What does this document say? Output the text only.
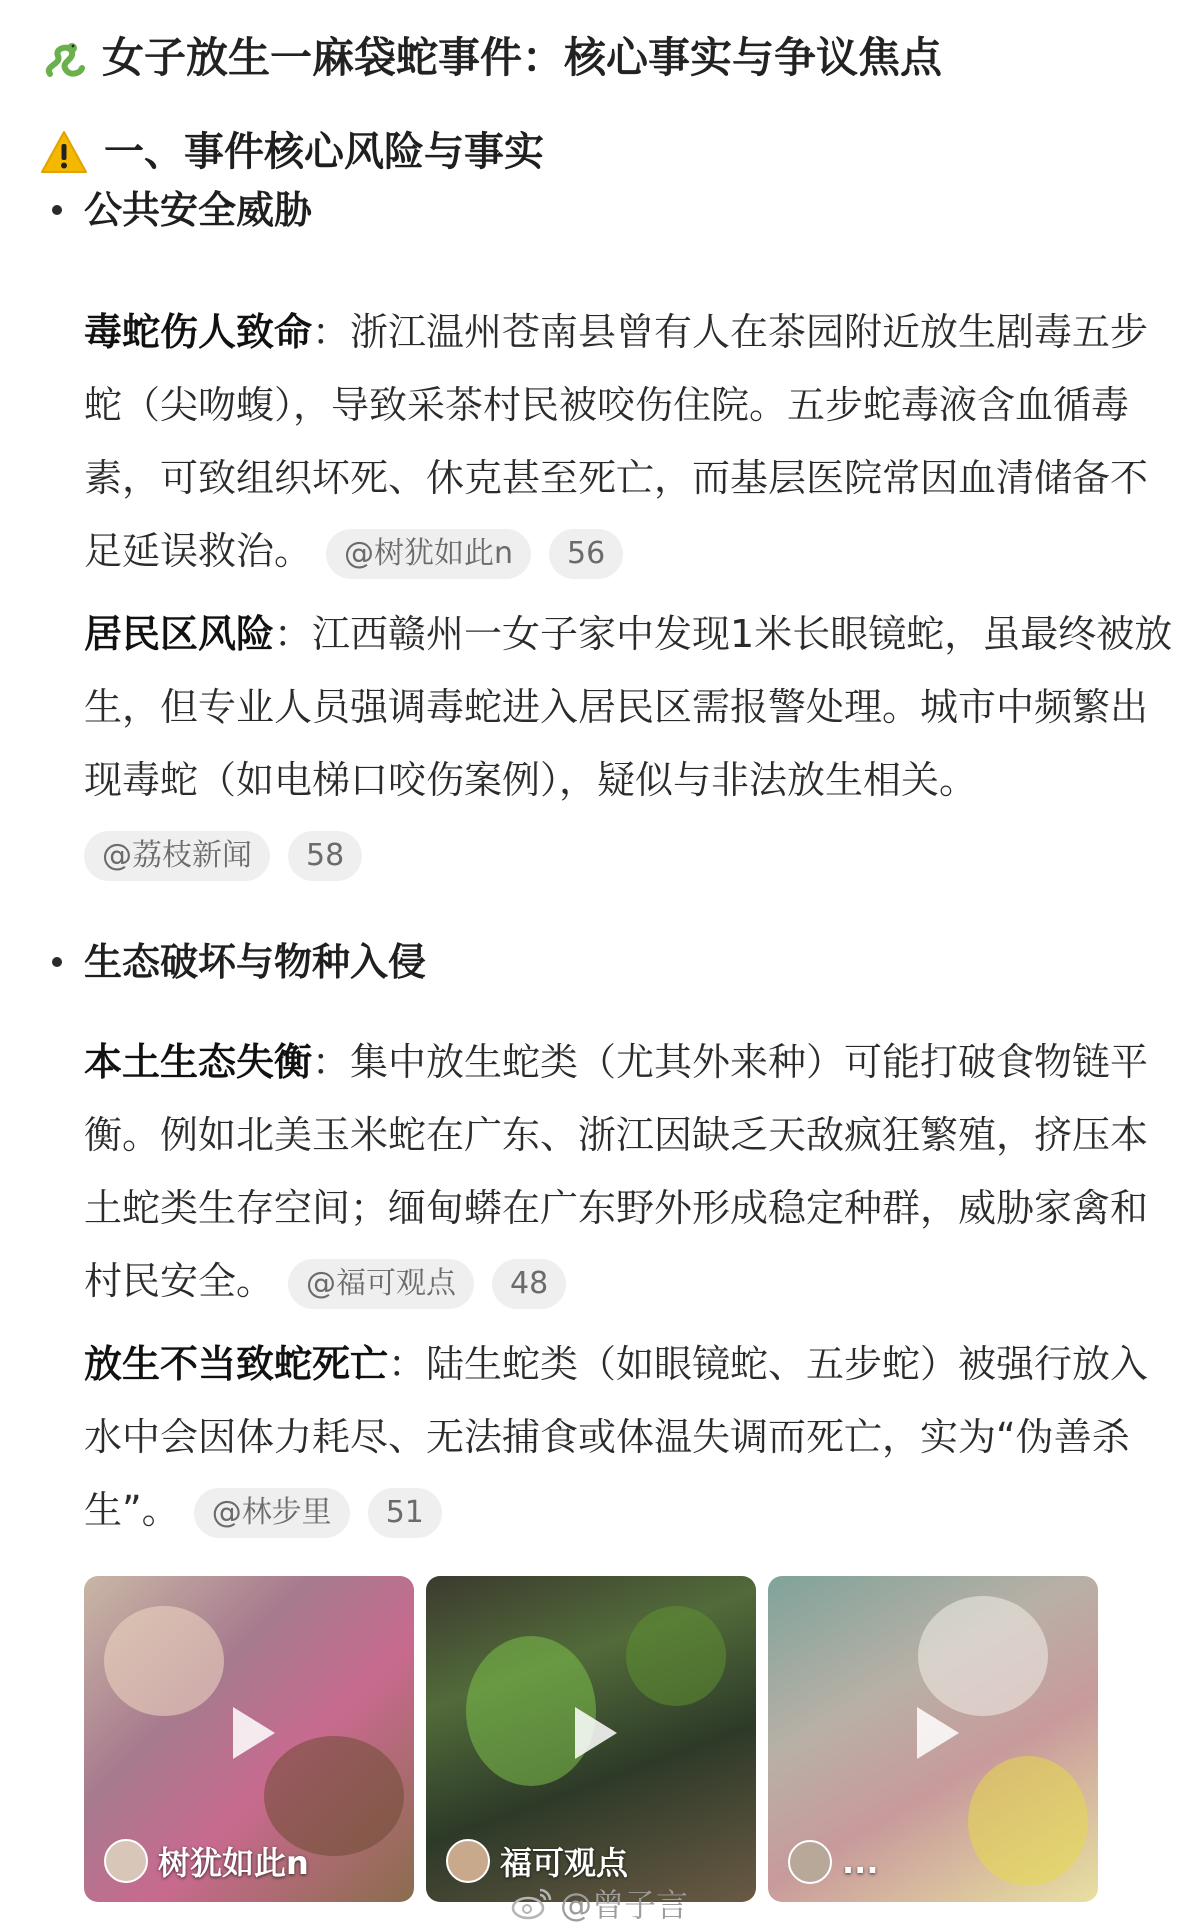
女子放生一麻袋蛇事件：核心事实与争议焦点
一、事件核心风险与事实
公共安全威胁
毒蛇伤人致命：浙江温州苍南县曾有人在茶园附近放生剧毒五步蛇（尖吻蝮），导致采茶村民被咬伤住院。五步蛇毒液含血循毒素，可致组织坏死、休克甚至死亡，而基层医院常因血清储备不足延误救治。 @树犹如此n 56
居民区风险：江西赣州一女子家中发现1米长眼镜蛇，虽最终被放生，但专业人员强调毒蛇进入居民区需报警处理。城市中频繁出现毒蛇（如电梯口咬伤案例），疑似与非法放生相关。
@荔枝新闻 58
生态破坏与物种入侵
本土生态失衡：集中放生蛇类（尤其外来种）可能打破食物链平衡。例如北美玉米蛇在广东、浙江因缺乏天敌疯狂繁殖，挤压本土蛇类生存空间；缅甸蟒在广东野外形成稳定种群，威胁家禽和村民安全。 @福可观点 48
放生不当致蛇死亡：陆生蛇类（如眼镜蛇、五步蛇）被强行放入水中会因体力耗尽、无法捕食或体温失调而死亡，实为“伪善杀生”。 @林步里 51
树犹如此n	福可观点	...
@曾子言
